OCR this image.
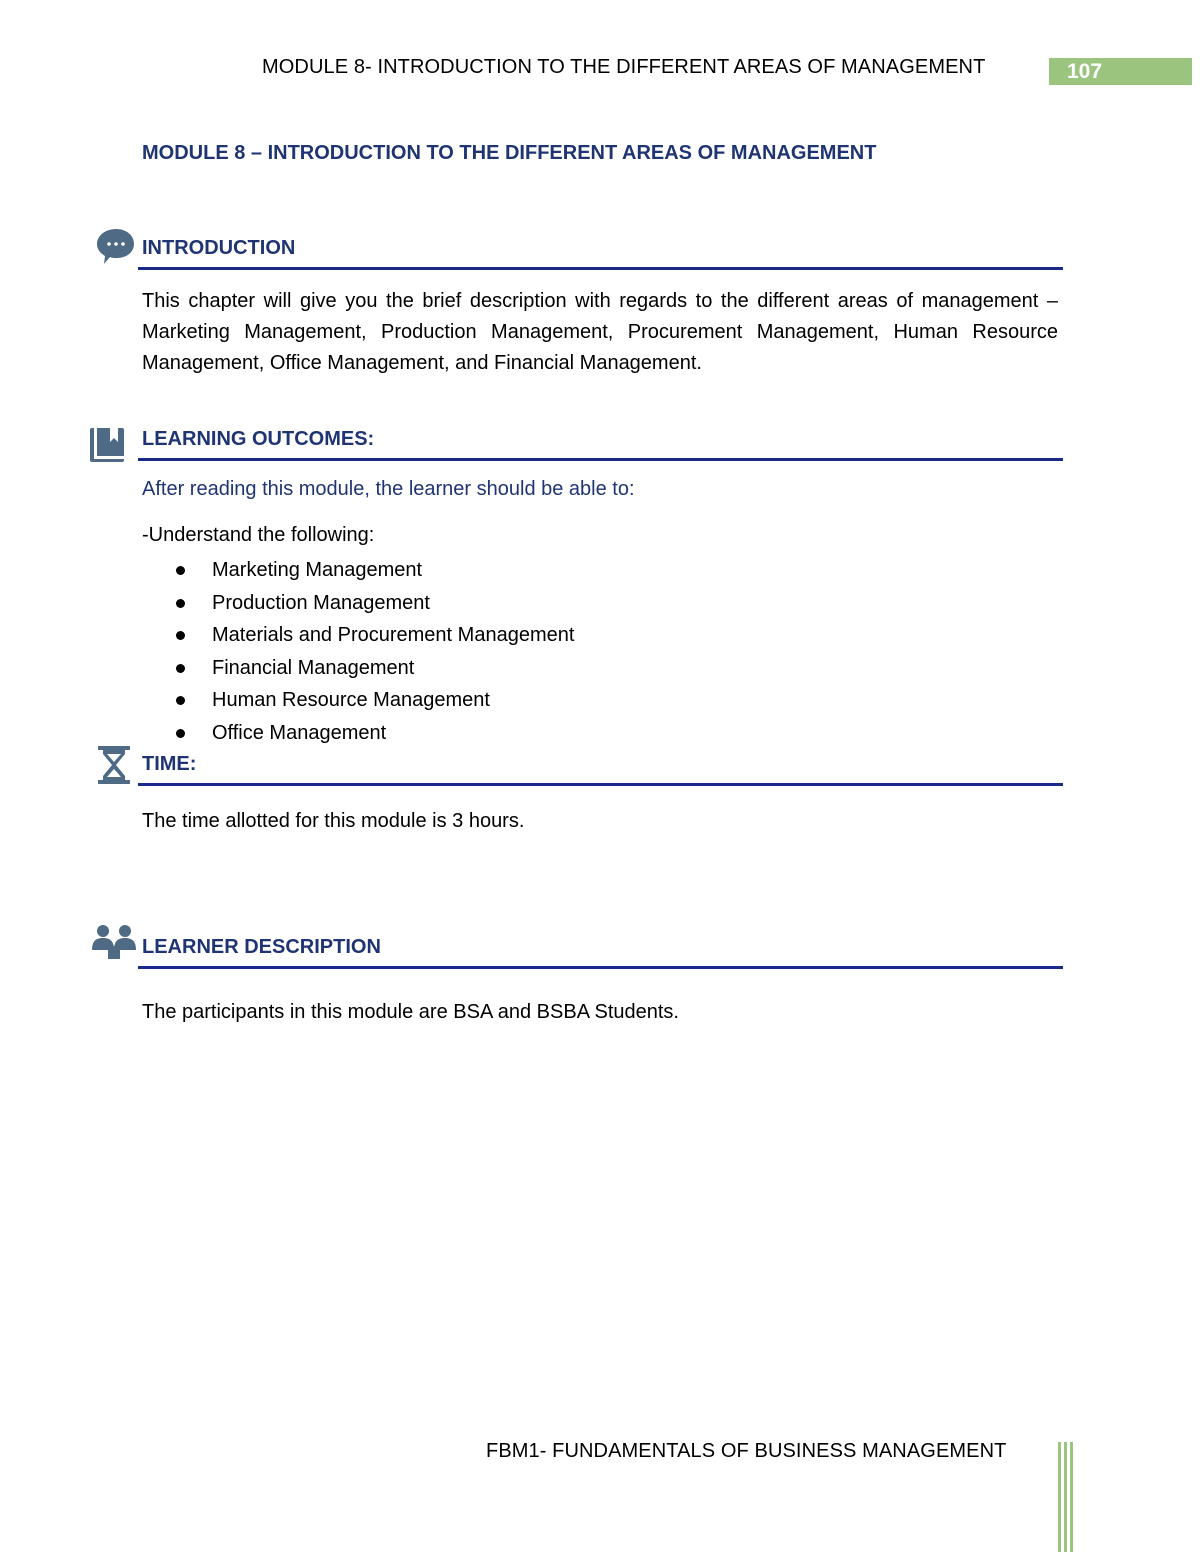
MODULE 8- INTRODUCTION TO THE DIFFERENT AREAS OF MANAGEMENT	107
MODULE 8 – INTRODUCTION TO THE DIFFERENT AREAS OF MANAGEMENT
INTRODUCTION
This chapter will give you the brief description with regards to the different areas of management – Marketing Management, Production Management, Procurement Management, Human Resource Management, Office Management, and Financial Management.
LEARNING OUTCOMES:
After reading this module, the learner should be able to:
-Understand the following:
Marketing Management
Production Management
Materials and Procurement Management
Financial Management
Human Resource Management
Office Management
TIME:
The time allotted for this module is 3 hours.
LEARNER DESCRIPTION
The participants in this module are BSA and BSBA Students.
FBM1- FUNDAMENTALS OF BUSINESS MANAGEMENT
